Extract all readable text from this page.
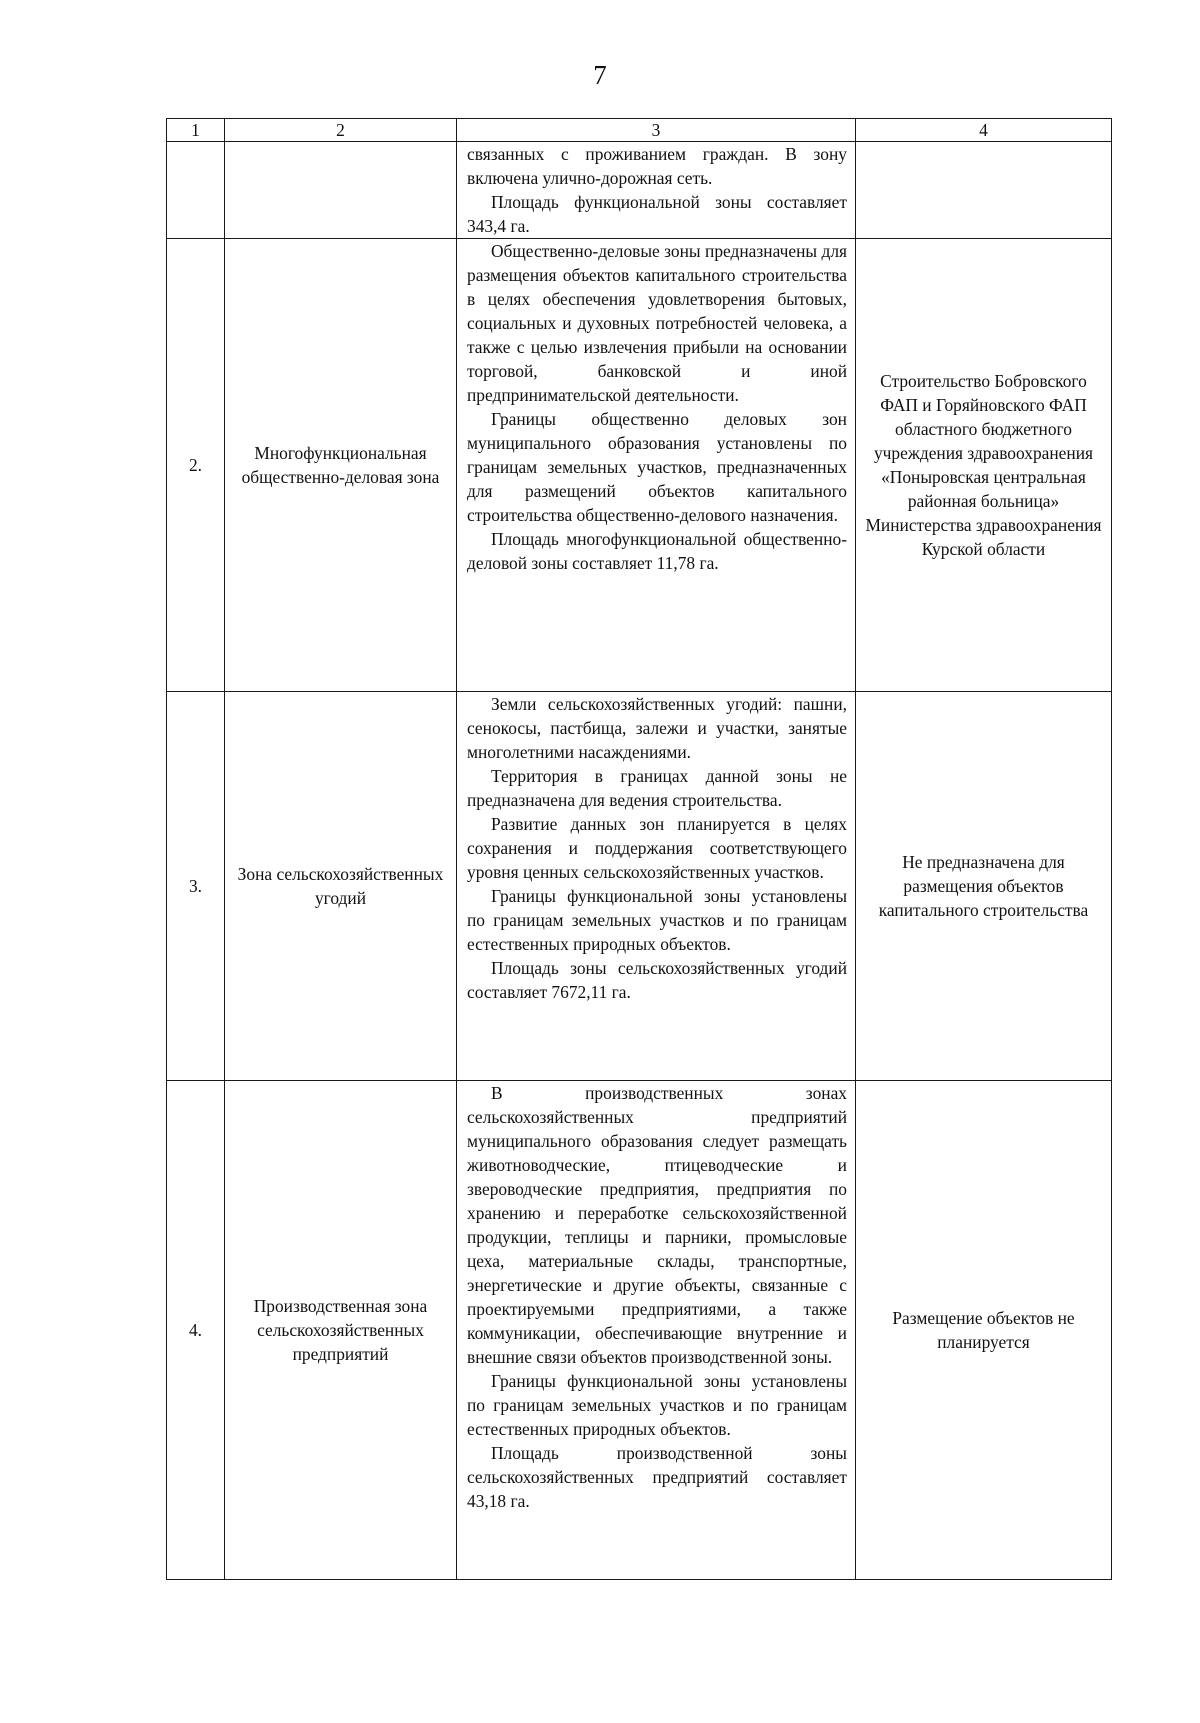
7
1	2	3	4

		связанных с проживанием граждан. В зону включена улично-дорожная сеть.

Площадь функциональной зоны составляет 343,4 га.	

2.	Многофункциональная общественно-деловая зона	Общественно-деловые зоны предназначены для размещения объектов капитального строительства в целях обеспечения удовлетворения бытовых, социальных и духовных потребностей человека, а также с целью извлечения прибыли на основании торговой, банковской и иной предпринимательской деятельности.

Границы общественно деловых зон муниципального образования установлены по границам земельных участков, предназначенных для размещений объектов капитального строительства общественно-делового назначения.

Площадь многофункциональной общественно-деловой зоны составляет 11,78 га.	Строительство Бобровского ФАП и Горяйновского ФАП областного бюджетного учреждения здравоохранения «Поныровская центральная районная больница» Министерства здравоохранения Курской области
3.	Зона сельскохозяйственных угодий	Земли сельскохозяйственных угодий: пашни, сенокосы, пастбища, залежи и участки, занятые многолетними насаждениями.

Территория в границах данной зоны не предназначена для ведения строительства.

Развитие данных зон планируется в целях сохранения и поддержания соответствующего уровня ценных сельскохозяйственных участков.

Границы функциональной зоны установлены по границам земельных участков и по границам естественных природных объектов.

Площадь зоны сельскохозяйственных угодий составляет 7672,11 га.	Не предназначена для размещения объектов капитального строительства
4.	Производственная зона сельскохозяйственных предприятий	В производственных зонах сельскохозяйственных предприятий муниципального образования следует размещать животноводческие, птицеводческие и звероводческие предприятия, предприятия по хранению и переработке сельскохозяйственной продукции, теплицы и парники, промысловые цеха, материальные склады, транспортные, энергетические и другие объекты, связанные с проектируемыми предприятиями, а также коммуникации, обеспечивающие внутренние и внешние связи объектов производственной зоны.

Границы функциональной зоны установлены по границам земельных участков и по границам естественных природных объектов.

Площадь производственной зоны сельскохозяйственных предприятий составляет 43,18 га.	Размещение объектов не планируется
